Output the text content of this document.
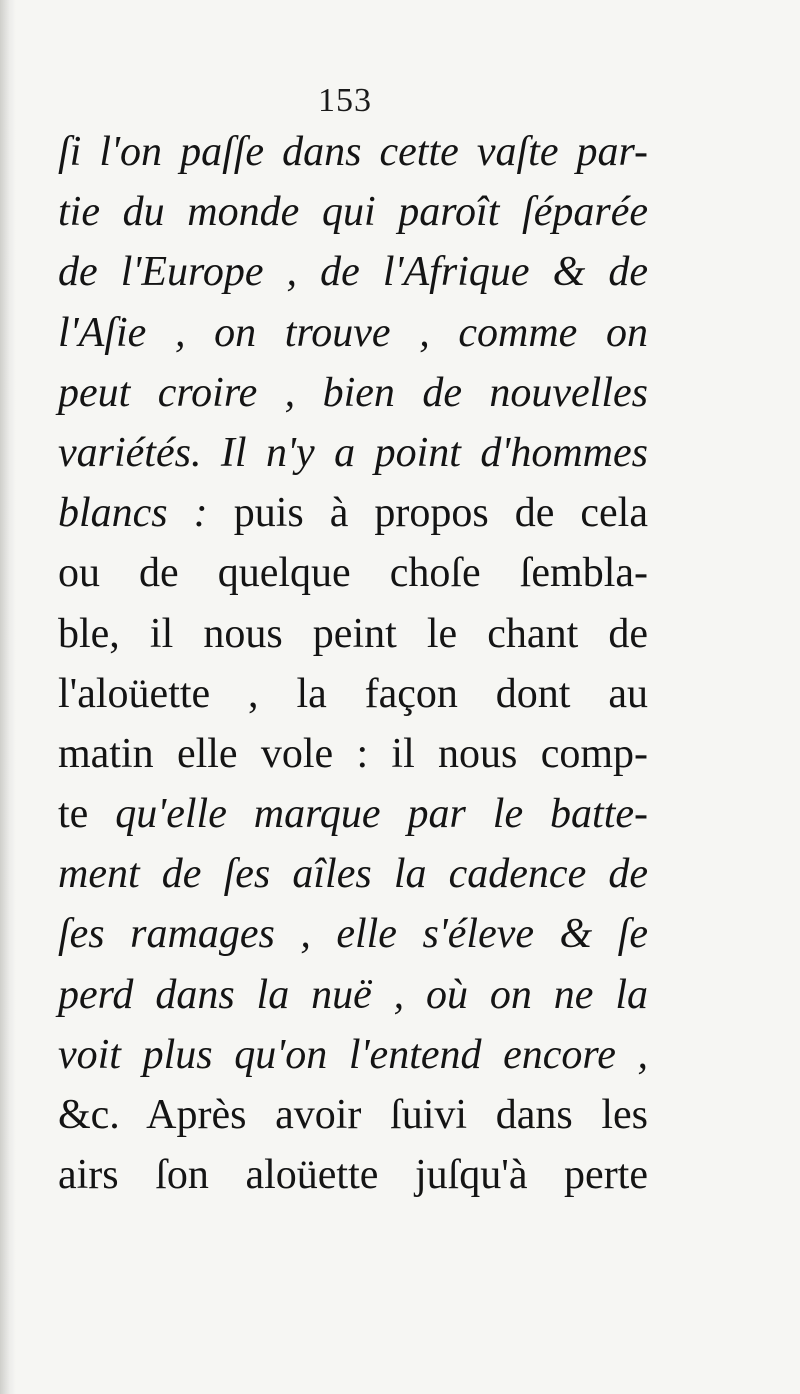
153
ſi l'on paſſe dans cette vaſte par-
tie du monde qui paroît ſéparée
de l'Europe , de l'Afrique & de
l'Aſie , on trouve , comme on
peut croire , bien de nouvelles
variétés. Il n'y a point d'hommes
blancs : puis à propos de cela
ou de quelque choſe ſembla-
ble, il nous peint le chant de
l'aloüette , la façon dont au
matin elle vole : il nous comp-
te qu'elle marque par le batte-
ment de ſes aîles la cadence de
ſes ramages , elle s'éleve & ſe
perd dans la nuë , où on ne la
voit plus qu'on l'entend encore ,
&c. Après avoir ſuivi dans les
airs ſon aloüette juſqu'à perte
